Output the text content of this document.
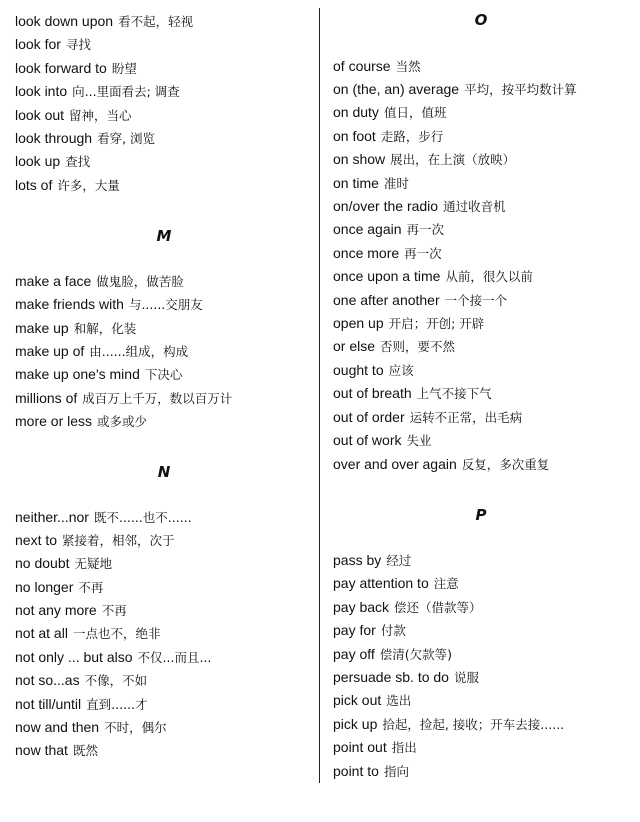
look down upon 看不起，轻视
look for 寻找
look forward to 盼望
look into 向...里面看去; 调查
look out 留神，当心
look through 看穿, 浏览
look up 查找
lots of 许多，大量
M
make a face 做鬼脸，做苦脸
make friends with 与......交朋友
make up 和解，化装
make up of 由......组成，构成
make up one's mind 下决心
millions of 成百万上千万，数以百万计
more or less 或多或少
N
neither...nor 既不......也不......
next to 紧接着，相邻，次于
no doubt 无疑地
no longer 不再
not any more 不再
not at all 一点也不，绝非
not only ... but also 不仅...而且...
not so...as 不像，不如
not till/until 直到......才
now and then 不时，偶尔
now that 既然
O
of course 当然
on (the, an) average 平均，按平均数计算
on duty 值日，值班
on foot 走路，步行
on show 展出，在上演（放映）
on time 准时
on/over the radio 通过收音机
once again 再一次
once more 再一次
once upon a time 从前，很久以前
one after another 一个接一个
open up 开启；开创; 开辟
or else 否则，要不然
ought to 应该
out of breath 上气不接下气
out of order 运转不正常，出毛病
out of work 失业
over and over again 反复，多次重复
P
pass by 经过
pay attention to 注意
pay back 偿还（借款等）
pay for 付款
pay off 偿清(欠款等)
persuade sb. to do 说服
pick out 选出
pick up 拾起，捡起, 接收；开车去接......
point out 指出
point to 指向
